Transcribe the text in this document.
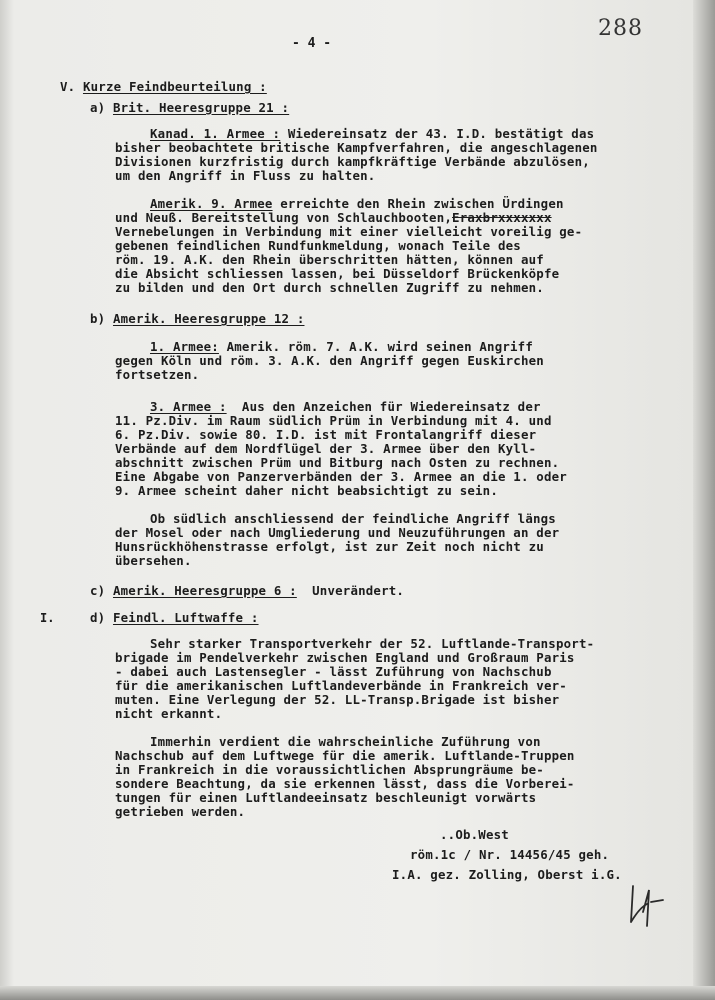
288
- 4 -
V. Kurze Feindbeurteilung :
a) Brit. Heeresgruppe 21 :
Kanad. 1. Armee : Wiedereinsatz der 43. I.D. bestätigt das
bisher beobachtete britische Kampfverfahren, die angeschlagenen
Divisionen kurzfristig durch kampfkräftige Verbände abzulösen,
um den Angriff in Fluss zu halten.
Amerik. 9. Armee erreichte den Rhein zwischen Ürdingen
und Neuß. Bereitstellung von Schlauchbooten,Eraxbrxxxxxxx
Vernebelungen in Verbindung mit einer vielleicht voreilig ge-
gebenen feindlichen Rundfunkmeldung, wonach Teile des
röm. 19. A.K. den Rhein überschritten hätten, können auf
die Absicht schliessen lassen, bei Düsseldorf Brückenköpfe
zu bilden und den Ort durch schnellen Zugriff zu nehmen.
b) Amerik. Heeresgruppe 12 :
1. Armee: Amerik. röm. 7. A.K. wird seinen Angriff
gegen Köln und röm. 3. A.K. den Angriff gegen Euskirchen
fortsetzen.
3. Armee :  Aus den Anzeichen für Wiedereinsatz der
11. Pz.Div. im Raum südlich Prüm in Verbindung mit 4. und
6. Pz.Div. sowie 80. I.D. ist mit Frontalangriff dieser
Verbände auf dem Nordflügel der 3. Armee über den Kyll-
abschnitt zwischen Prüm und Bitburg nach Osten zu rechnen.
Eine Abgabe von Panzerverbänden der 3. Armee an die 1. oder
9. Armee scheint daher nicht beabsichtigt zu sein.
Ob südlich anschliessend der feindliche Angriff längs
der Mosel oder nach Umgliederung und Neuzuführungen an der
Hunsrückhöhenstrasse erfolgt, ist zur Zeit noch nicht zu
übersehen.
c) Amerik. Heeresgruppe 6 :  Unverändert.
I.	d) Feindl. Luftwaffe :
Sehr starker Transportverkehr der 52. Luftlande-Transport-
brigade im Pendelverkehr zwischen England und Großraum Paris
- dabei auch Lastensegler - lässt Zuführung von Nachschub
für die amerikanischen Luftlandeverbände in Frankreich ver-
muten. Eine Verlegung der 52. LL-Transp.Brigade ist bisher
nicht erkannt.
Immerhin verdient die wahrscheinliche Zuführung von
Nachschub auf dem Luftwege für die amerik. Luftlande-Truppen
in Frankreich in die voraussichtlichen Absprungräume be-
sondere Beachtung, da sie erkennen lässt, dass die Vorberei-
tungen für einen Luftlandeeinsatz beschleunigt vorwärts
getrieben werden.
..Ob.West
röm.1c / Nr. 14456/45 geh.
I.A. gez. Zolling, Oberst i.G.
